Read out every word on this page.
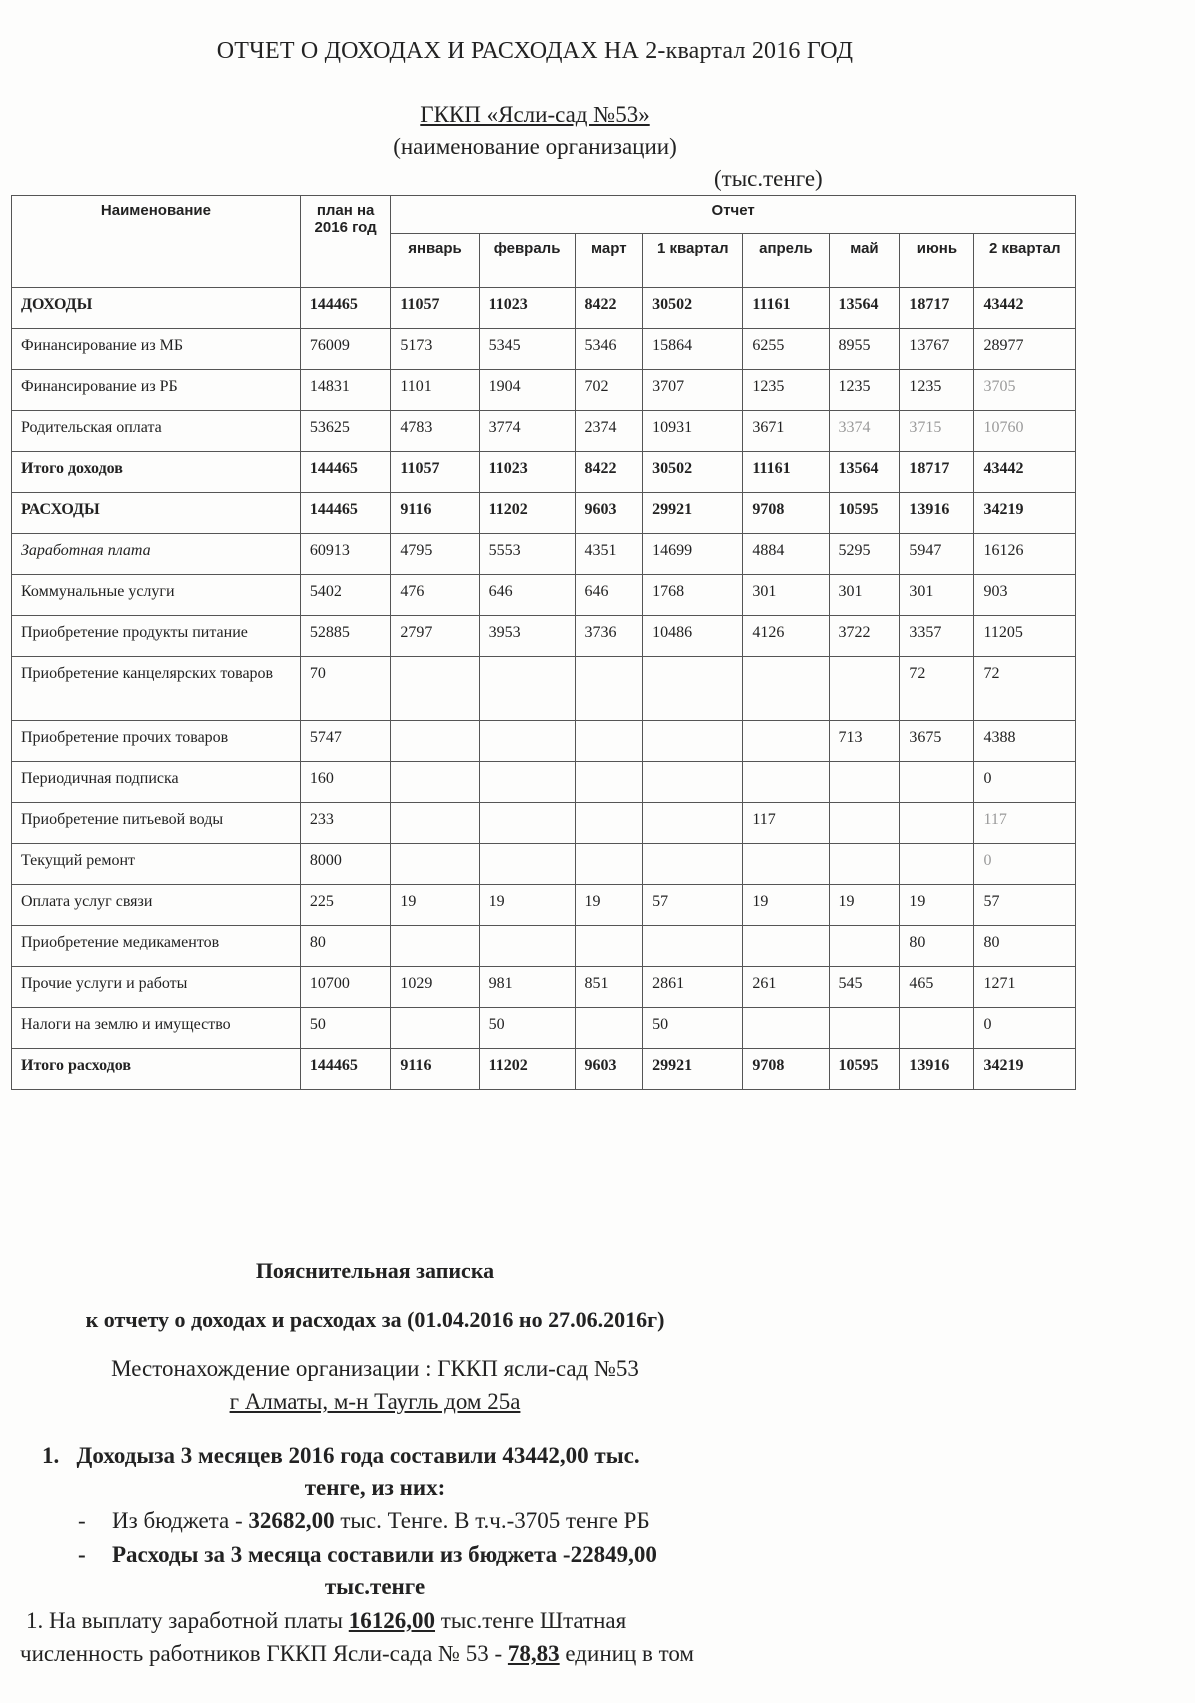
ОТЧЕТ О ДОХОДАХ И РАСХОДАХ НА 2-квартал 2016 ГОД
ГККП «Ясли-сад №53»
(наименование организации)
(тыс.тенге)
Наименование	план на 2016 год	Отчет							
		январь	февраль	март	1 квартал	апрель	май	июнь	2 квартал
ДОХОДЫ	144465	11057	11023	8422	30502	11161	13564	18717	43442
Финансирование из МБ	76009	5173	5345	5346	15864	6255	8955	13767	28977
Финансирование из РБ	14831	1101	1904	702	3707	1235	1235	1235	3705
Родительская оплата	53625	4783	3774	2374	10931	3671	3374	3715	10760
Итого доходов	144465	11057	11023	8422	30502	11161	13564	18717	43442
РАСХОДЫ	144465	9116	11202	9603	29921	9708	10595	13916	34219
Заработная плата	60913	4795	5553	4351	14699	4884	5295	5947	16126
Коммунальные услуги	5402	476	646	646	1768	301	301	301	903
Приобретение продукты питание	52885	2797	3953	3736	10486	4126	3722	3357	11205
Приобретение канцелярских товаров	70							72	72
Приобретение прочих товаров	5747						713	3675	4388
Периодичная подписка	160								0
Приобретение питьевой воды	233					117			117
Текущий ремонт	8000								0
Оплата услуг связи	225	19	19	19	57	19	19	19	57
Приобретение медикаментов	80							80	80
Прочие услуги и работы	10700	1029	981	851	2861	261	545	465	1271
Налоги на землю и имущество	50		50		50				0
Итого расходов	144465	9116	11202	9603	29921	9708	10595	13916	34219
Пояснительная записка
к отчету о доходах и расходах за (01.04.2016 но 27.06.2016г)
Местонахождение организации : ГККП ясли-сад №53
г Алматы, м-н Таугль дом 25а
1. Доходыза 3 месяцев 2016 года составили 43442,00 тыс.
тенге, из них:
- Из бюджета - 32682,00 тыс. Тенге. В т.ч.-3705 тенге РБ
- Расходы за 3 месяца составили из бюджета -22849,00
тыс.тенге
1. На выплату заработной платы 16126,00 тыс.тенге Штатная
численность работников ГККП Ясли-сада № 53 - 78,83 единиц в том
